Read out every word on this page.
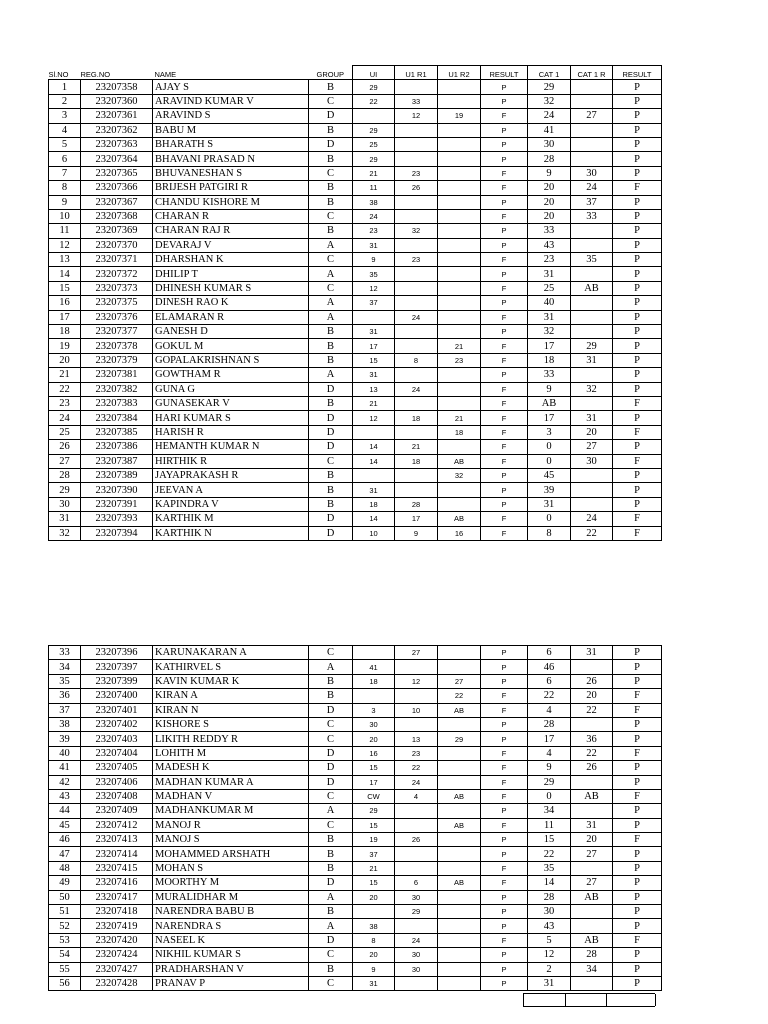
Sl.NO	REG.NO	NAME	GROUP	UI	U1 R1	U1 R2	RESULT	CAT 1	CAT 1 R	RESULT
1	23207358	AJAY S	B	29			P	29		P
2	23207360	ARAVIND KUMAR V	C	22	33		P	32		P
3	23207361	ARAVIND S	D		12	19	F	24	27	P
4	23207362	BABU M	B	29			P	41		P
5	23207363	BHARATH S	D	25			P	30		P
6	23207364	BHAVANI PRASAD N	B	29			P	28		P
7	23207365	BHUVANESHAN S	C	21	23		F	9	30	P
8	23207366	BRIJESH PATGIRI R	B	11	26		F	20	24	F
9	23207367	CHANDU KISHORE M	B	38			P	20	37	P
10	23207368	CHARAN R	C	24			F	20	33	P
11	23207369	CHARAN RAJ R	B	23	32		P	33		P
12	23207370	DEVARAJ V	A	31			P	43		P
13	23207371	DHARSHAN K	C	9	23		F	23	35	P
14	23207372	DHILIP T	A	35			P	31		P
15	23207373	DHINESH KUMAR S	C	12			F	25	AB	P
16	23207375	DINESH RAO K	A	37			P	40		P
17	23207376	ELAMARAN R	A		24		F	31		P
18	23207377	GANESH D	B	31			P	32		P
19	23207378	GOKUL M	B	17		21	F	17	29	P
20	23207379	GOPALAKRISHNAN S	B	15	8	23	F	18	31	P
21	23207381	GOWTHAM R	A	31			P	33		P
22	23207382	GUNA G	D	13	24		F	9	32	P
23	23207383	GUNASEKAR V	B	21			F	AB		F
24	23207384	HARI KUMAR S	D	12	18	21	F	17	31	P
25	23207385	HARISH R	D			18	F	3	20	F
26	23207386	HEMANTH KUMAR N	D	14	21		F	0	27	P
27	23207387	HIRTHIK R	C	14	18	AB	F	0	30	F
28	23207389	JAYAPRAKASH R	B			32	P	45		P
29	23207390	JEEVAN A	B	31			P	39		P
30	23207391	KAPINDRA V	B	18	28		P	31		P
31	23207393	KARTHIK M	D	14	17	AB	F	0	24	F
32	23207394	KARTHIK N	D	10	9	16	F	8	22	F
33	23207396	KARUNAKARAN A	C		27		P	6	31	P
34	23207397	KATHIRVEL S	A	41			P	46		P
35	23207399	KAVIN KUMAR K	B	18	12	27	P	6	26	P
36	23207400	KIRAN A	B			22	F	22	20	F
37	23207401	KIRAN N	D	3	10	AB	F	4	22	F
38	23207402	KISHORE S	C	30			P	28		P
39	23207403	LIKITH REDDY R	C	20	13	29	P	17	36	P
40	23207404	LOHITH M	D	16	23		F	4	22	F
41	23207405	MADESH K	D	15	22		F	9	26	P
42	23207406	MADHAN KUMAR A	D	17	24		F	29		P
43	23207408	MADHAN V	C	CW	4	AB	F	0	AB	F
44	23207409	MADHANKUMAR M	A	29			P	34		P
45	23207412	MANOJ R	C	15		AB	F	11	31	P
46	23207413	MANOJ S	B	19	26		P	15	20	F
47	23207414	MOHAMMED ARSHATH	B	37			P	22	27	P
48	23207415	MOHAN S	B	21			F	35		P
49	23207416	MOORTHY M	D	15	6	AB	F	14	27	P
50	23207417	MURALIDHAR M	A	20	30		P	28	AB	P
51	23207418	NARENDRA BABU B	B		29		P	30		P
52	23207419	NARENDRA S	A	38			P	43		P
53	23207420	NASEEL K	D	8	24		F	5	AB	F
54	23207424	NIKHIL KUMAR S	C	20	30		P	12	28	P
55	23207427	PRADHARSHAN V	B	9	30		P	2	34	P
56	23207428	PRANAV P	C	31			P	31		P
